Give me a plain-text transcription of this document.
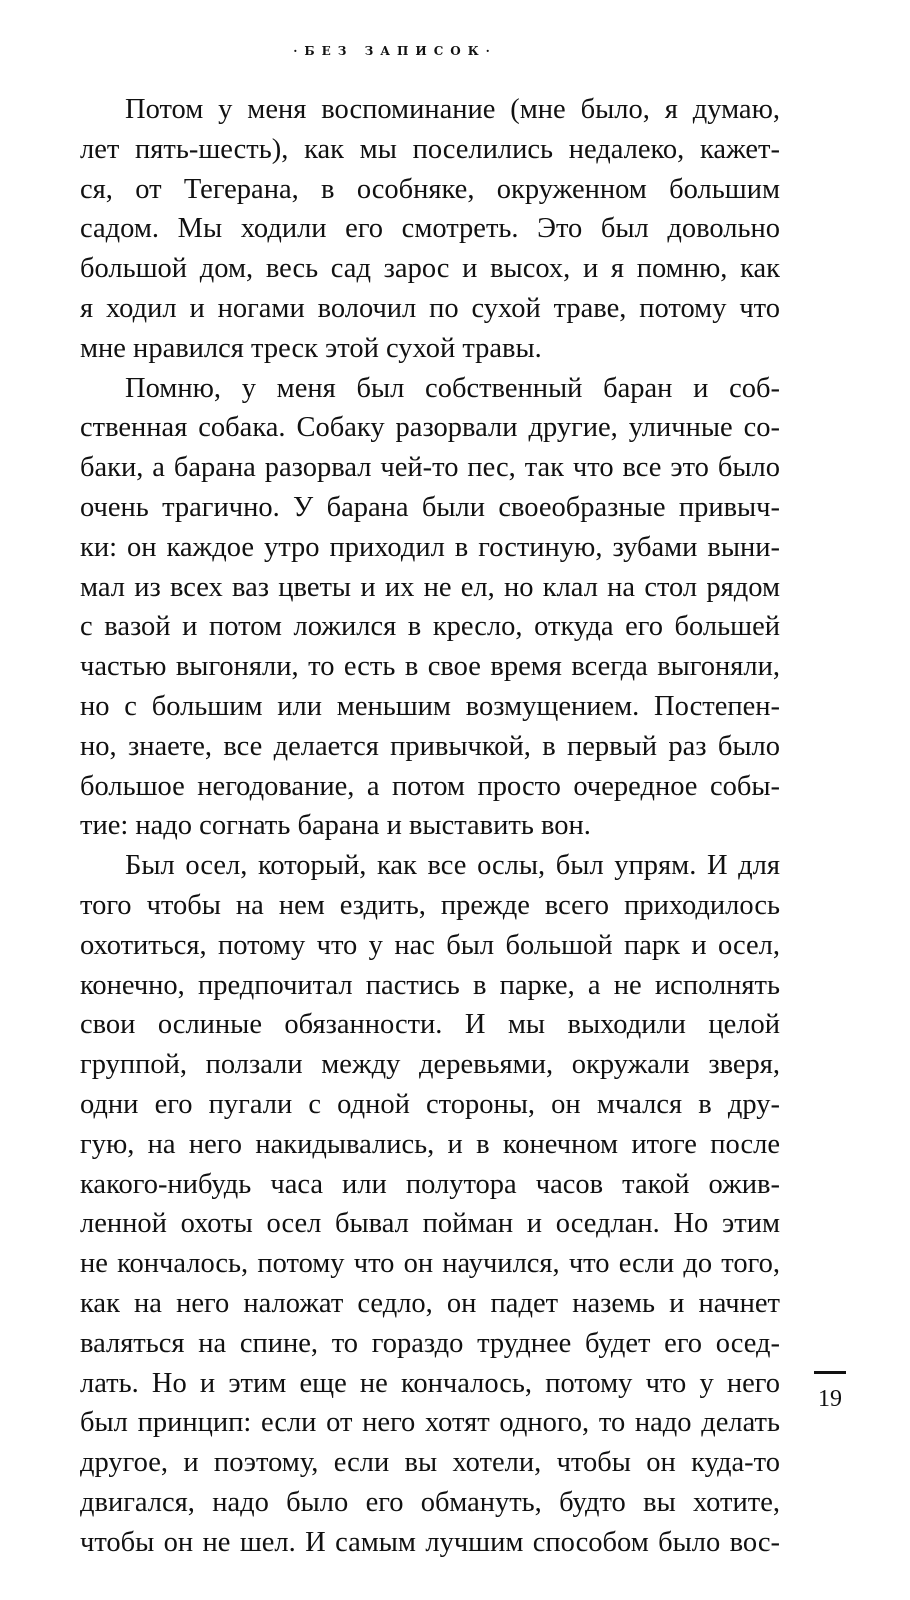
·БЕЗ ЗАПИСОК·
Потом у меня воспоминание (мне было, я думаю,
лет пять-шесть), как мы поселились недалеко, кажет-
ся, от Тегерана, в особняке, окруженном большим
садом. Мы ходили его смотреть. Это был довольно
большой дом, весь сад зарос и высох, и я помню, как
я ходил и ногами волочил по сухой траве, потому что
мне нравился треск этой сухой травы.
Помню, у меня был собственный баран и соб-
ственная собака. Собаку разорвали другие, уличные со-
баки, а барана разорвал чей-то пес, так что все это было
очень трагично. У барана были своеобразные привыч-
ки: он каждое утро приходил в гостиную, зубами выни-
мал из всех ваз цветы и их не ел, но клал на стол рядом
с вазой и потом ложился в кресло, откуда его большей
частью выгоняли, то есть в свое время всегда выгоняли,
но с большим или меньшим возмущением. Постепен-
но, знаете, все делается привычкой, в первый раз было
большое негодование, а потом просто очередное собы-
тие: надо согнать барана и выставить вон.
Был осел, который, как все ослы, был упрям. И для
того чтобы на нем ездить, прежде всего приходилось
охотиться, потому что у нас был большой парк и осел,
конечно, предпочитал пастись в парке, а не исполнять
свои ослиные обязанности. И мы выходили целой
группой, ползали между деревьями, окружали зверя,
одни его пугали с одной стороны, он мчался в дру-
гую, на него накидывались, и в конечном итоге после
какого-нибудь часа или полутора часов такой ожив-
ленной охоты осел бывал пойман и оседлан. Но этим
не кончалось, потому что он научился, что если до того,
как на него наложат седло, он падет наземь и начнет
валяться на спине, то гораздо труднее будет его осед-
лать. Но и этим еще не кончалось, потому что у него
был принцип: если от него хотят одного, то надо делать
другое, и поэтому, если вы хотели, чтобы он куда-то
двигался, надо было его обмануть, будто вы хотите,
чтобы он не шел. И самым лучшим способом было вос-
19
